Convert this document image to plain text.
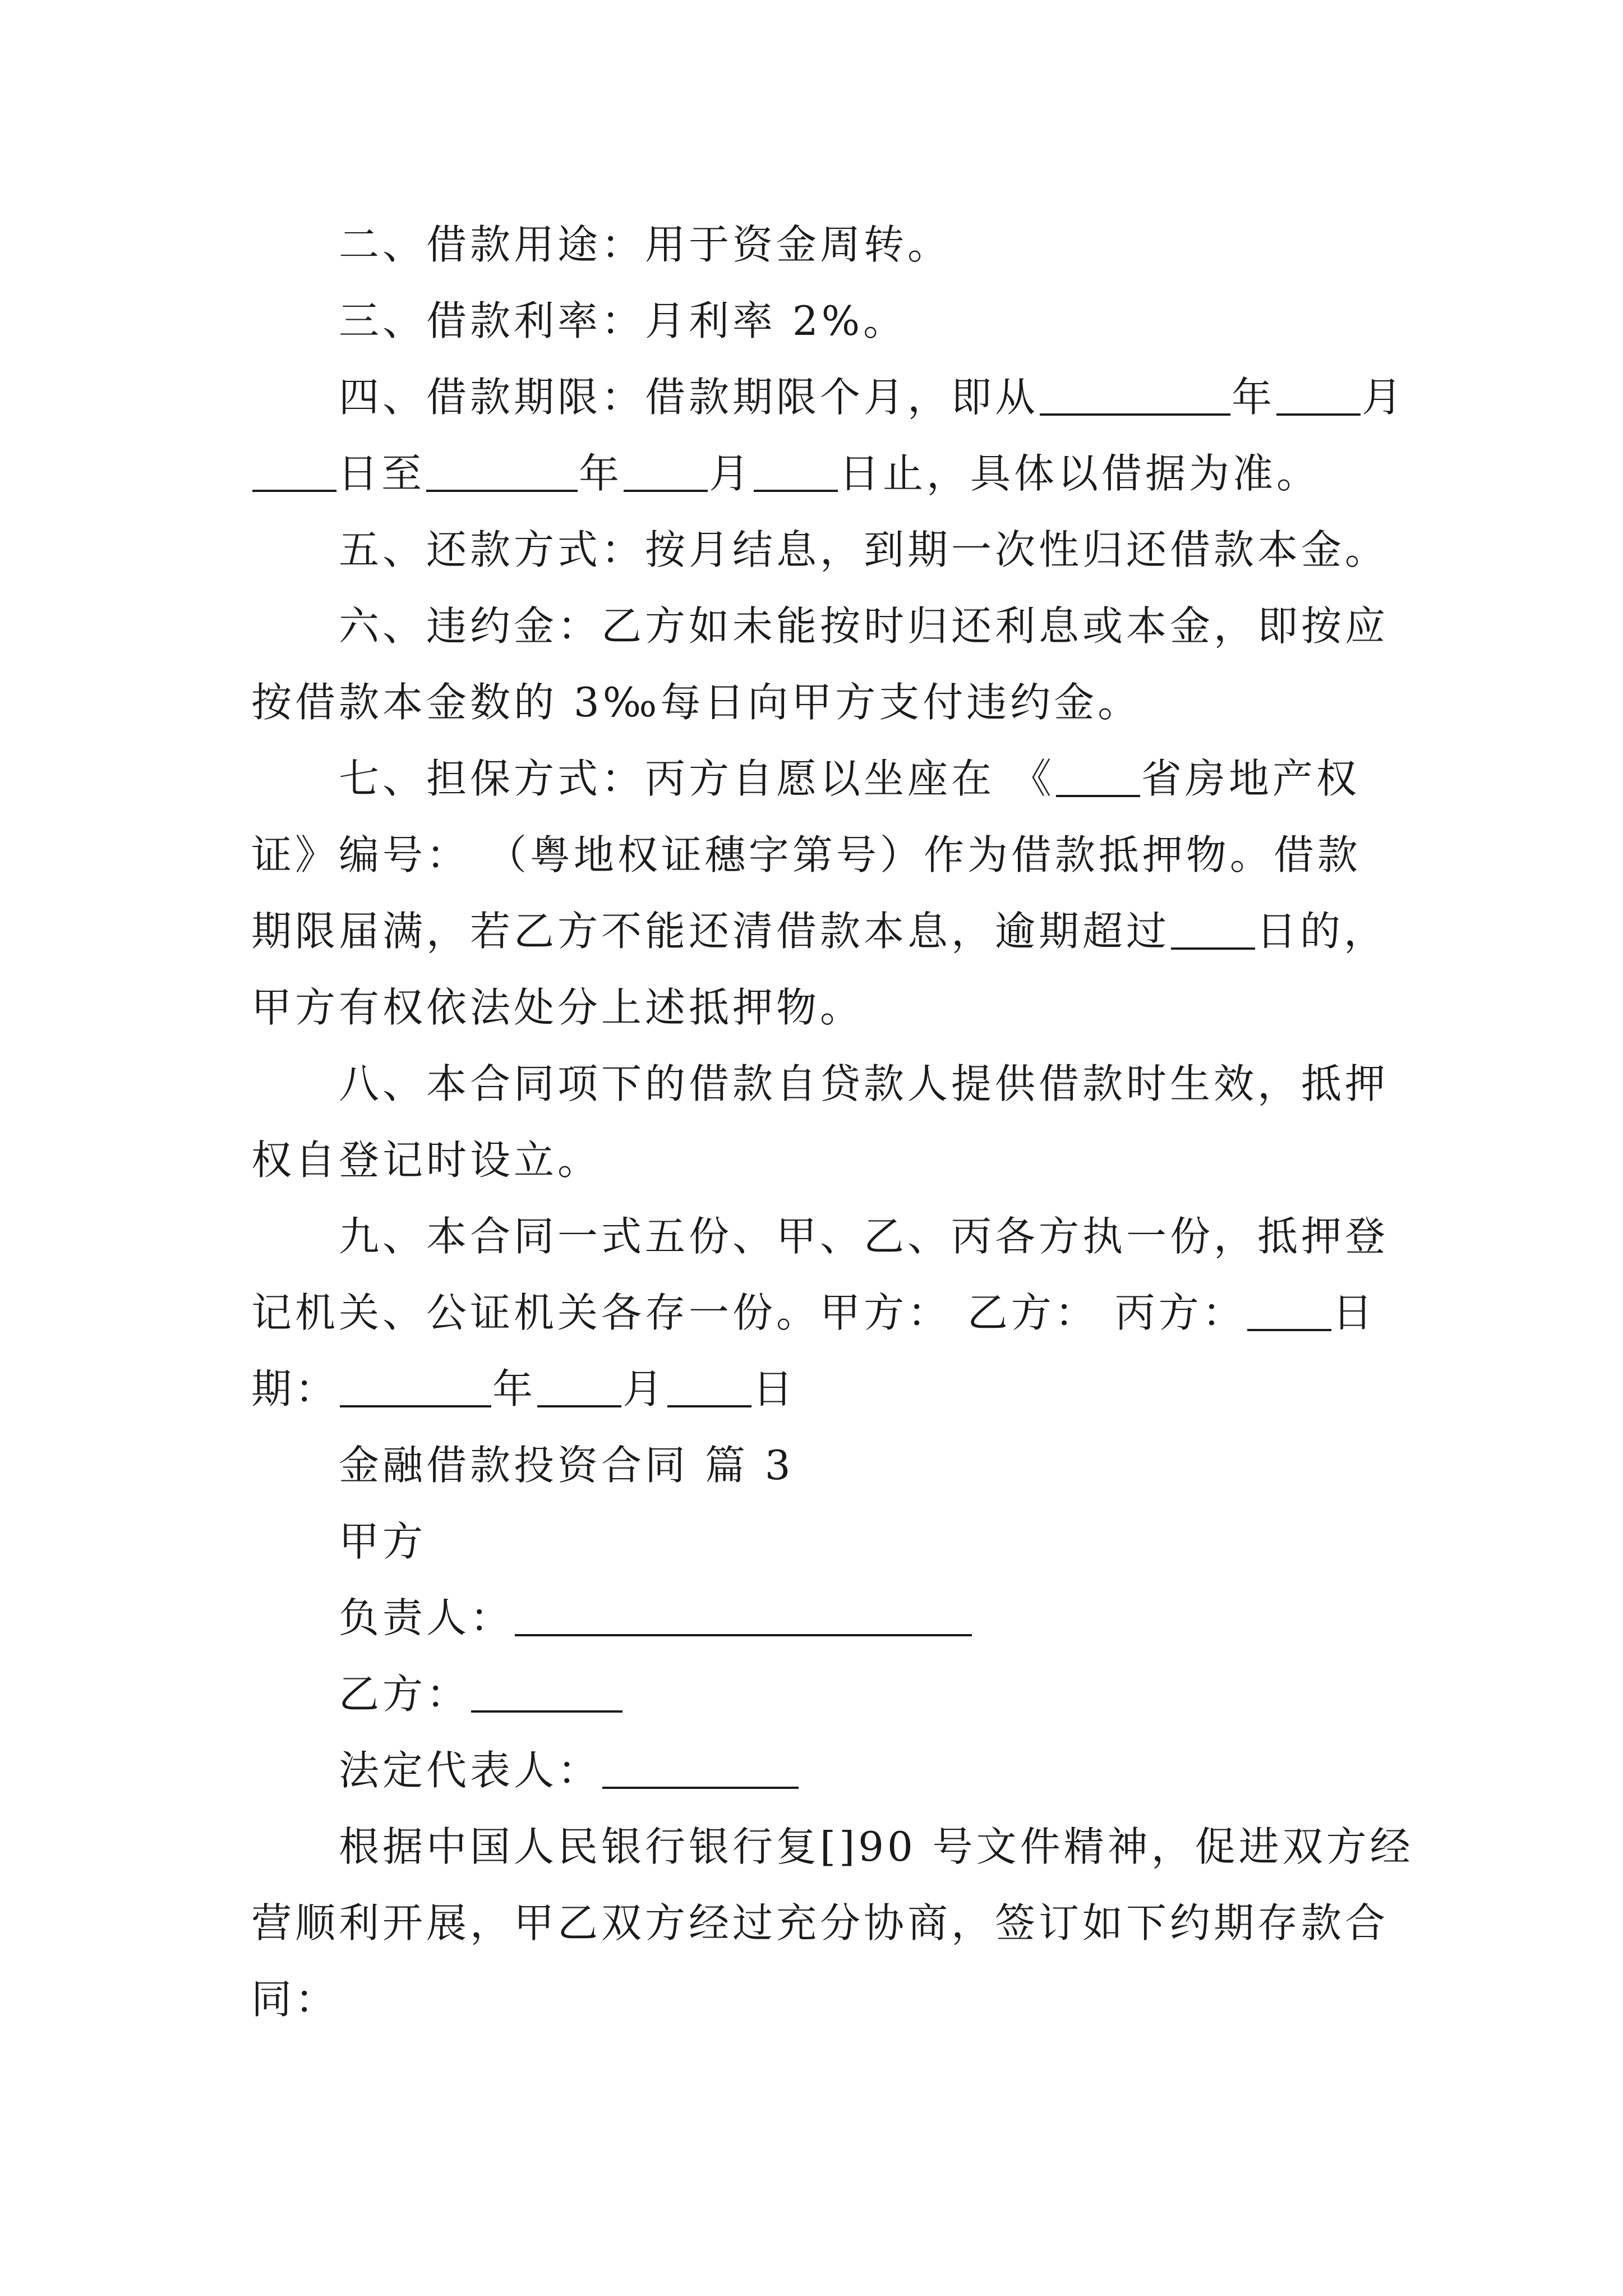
二、借款用途：用于资金周转。
三、借款利率：月利率 2%。
四、借款期限：借款期限个月，即从	年 月
日至	年 月 日止，具体以借据为准。
五、还款方式：按月结息，到期一次性归还借款本金。
六、违约金：乙方如未能按时归还利息或本金，即按应
按借款本金数的 3‰每日向甲方支付违约金。
七、担保方式：丙方自愿以坐座在 《 省房地产权
证》编号： （粤地权证穗字第号）作为借款抵押物。借款
期限届满，若乙方不能还清借款本息，逾期超过 日的，
甲方有权依法处分上述抵押物。
八、本合同项下的借款自贷款人提供借款时生效，抵押
权自登记时设立。
九、本合同一式五份、甲、乙、丙各方执一份，抵押登
记机关、公证机关各存一份。甲方： 乙方： 丙方： 日
期：	年 月 日
金融借款投资合同 篇 3
甲方
负责人：
乙方：
法定代表人：
根据中国人民银行银行复[]90 号文件精神，促进双方经
营顺利开展，甲乙双方经过充分协商，签订如下约期存款合
同：
